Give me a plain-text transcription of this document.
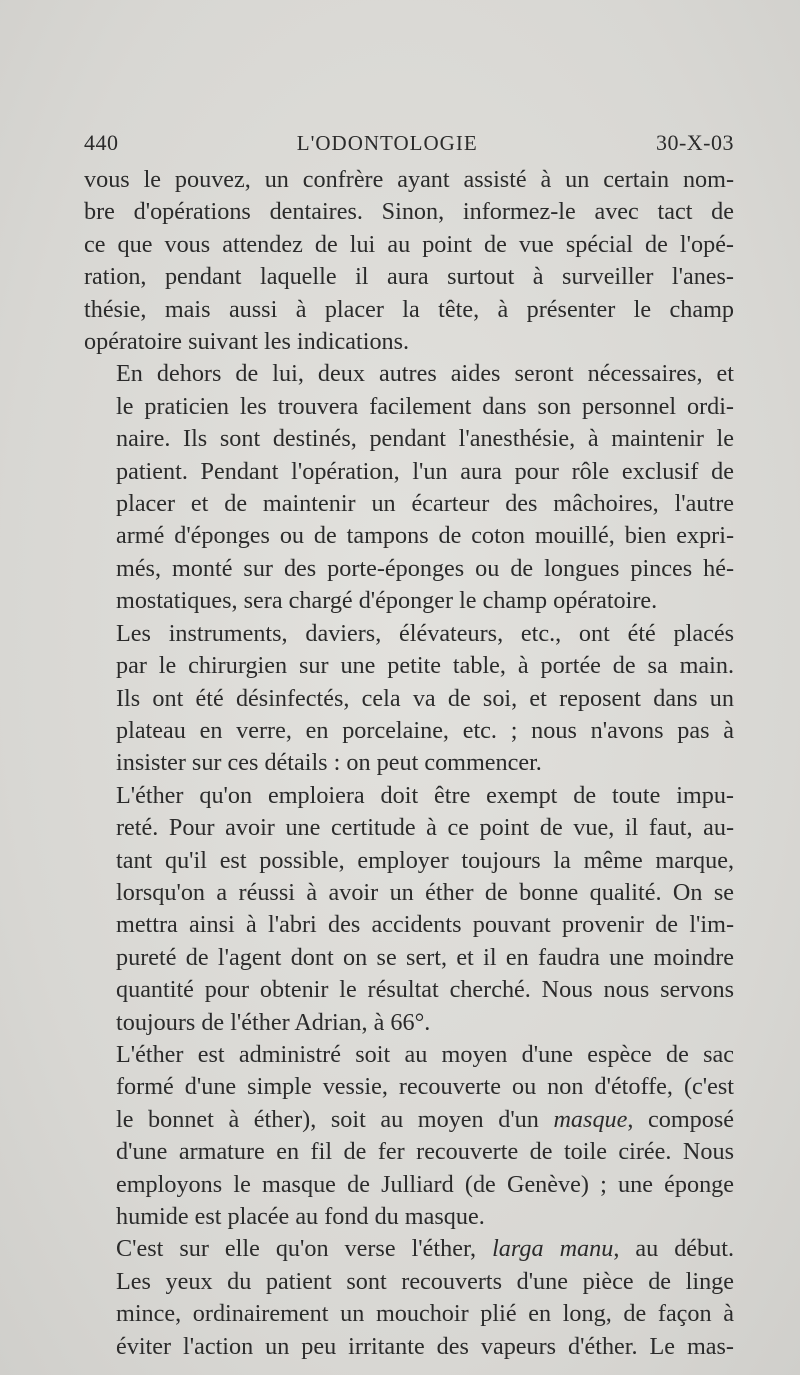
440	L'ODONTOLOGIE	30-X-03

vous le pouvez, un confrère ayant assisté à un certain nom-
bre d'opérations dentaires. Sinon, informez-le avec tact de
ce que vous attendez de lui au point de vue spécial de l'opé-
ration, pendant laquelle il aura surtout à surveiller l'anes-
thésie, mais aussi à placer la tête, à présenter le champ
opératoire suivant les indications.

En dehors de lui, deux autres aides seront nécessaires, et
le praticien les trouvera facilement dans son personnel ordi-
naire. Ils sont destinés, pendant l'anesthésie, à maintenir le
patient. Pendant l'opération, l'un aura pour rôle exclusif de
placer et de maintenir un écarteur des mâchoires, l'autre
armé d'éponges ou de tampons de coton mouillé, bien expri-
més, monté sur des porte-éponges ou de longues pinces hé-
mostatiques, sera chargé d'éponger le champ opératoire.

Les instruments, daviers, élévateurs, etc., ont été placés
par le chirurgien sur une petite table, à portée de sa main.
Ils ont été désinfectés, cela va de soi, et reposent dans un
plateau en verre, en porcelaine, etc. ; nous n'avons pas à
insister sur ces détails : on peut commencer.

L'éther qu'on emploiera doit être exempt de toute impu-
reté. Pour avoir une certitude à ce point de vue, il faut, au-
tant qu'il est possible, employer toujours la même marque,
lorsqu'on a réussi à avoir un éther de bonne qualité. On se
mettra ainsi à l'abri des accidents pouvant provenir de l'im-
pureté de l'agent dont on se sert, et il en faudra une moindre
quantité pour obtenir le résultat cherché. Nous nous servons
toujours de l'éther Adrian, à 66°.

L'éther est administré soit au moyen d'une espèce de sac
formé d'une simple vessie, recouverte ou non d'étoffe, (c'est
le bonnet à éther), soit au moyen d'un masque, composé
d'une armature en fil de fer recouverte de toile cirée. Nous
employons le masque de Julliard (de Genève) ; une éponge
humide est placée au fond du masque.

C'est sur elle qu'on verse l'éther, larga manu, au début.
Les yeux du patient sont recouverts d'une pièce de linge
mince, ordinairement un mouchoir plié en long, de façon à
éviter l'action un peu irritante des vapeurs d'éther. Le mas-
